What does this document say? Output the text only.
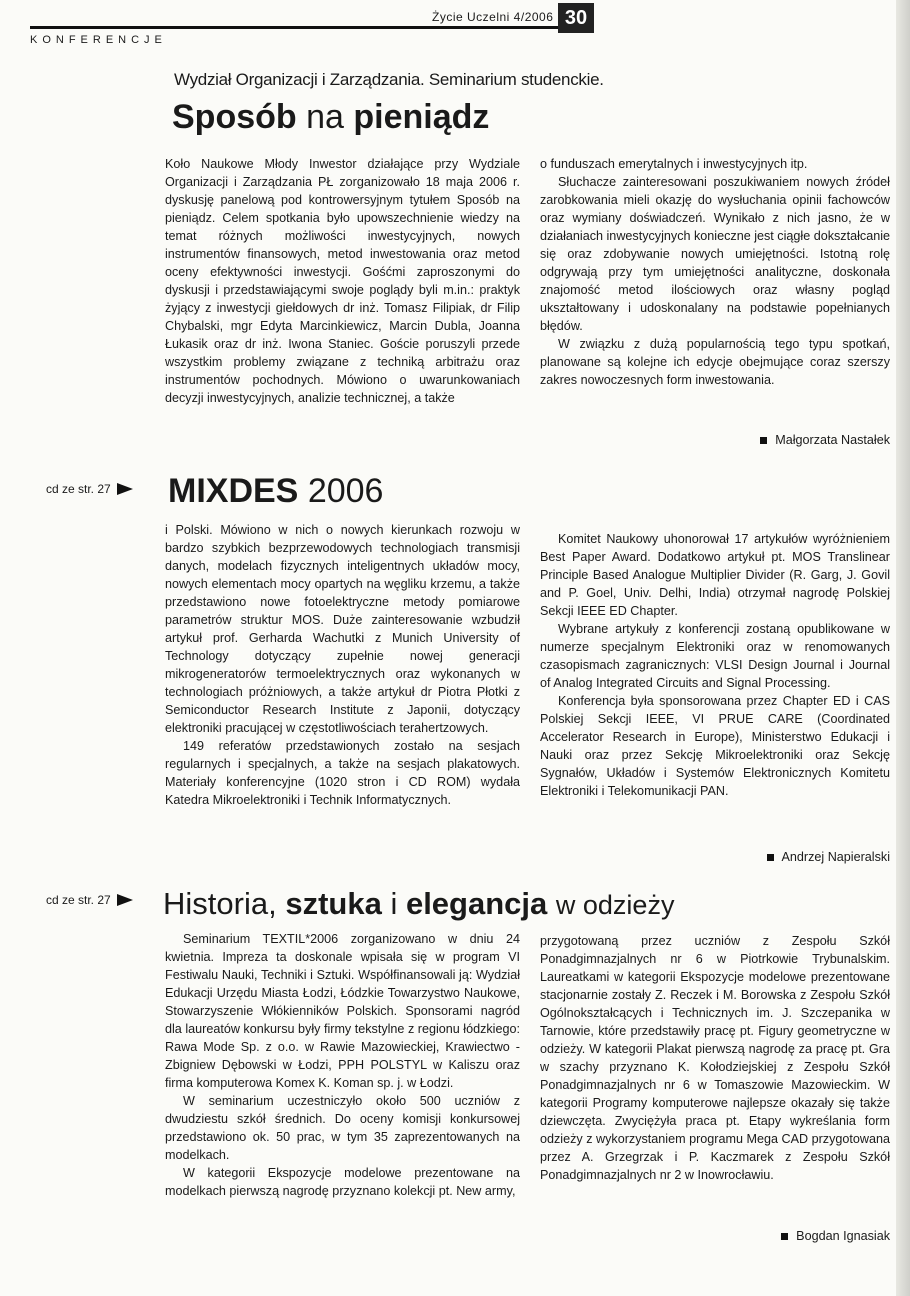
KONFERENCJE
Życie Uczelni 4/2006 30
Wydział Organizacji i Zarządzania. Seminarium studenckie.
Sposób na pieniądz

Koło Naukowe Młody Inwestor działające przy Wydziale Organizacji i Zarządzania PŁ zorganizowało 18 maja 2006 r. dyskusję panelową pod kontrowersyjnym tytułem Sposób na pieniądz. Celem spotkania było upowszechnienie wiedzy na temat różnych możliwości inwestycyjnych, nowych instrumentów finansowych, metod inwestowania oraz metod oceny efektywności inwestycji. Gośćmi zaproszonymi do dyskusji i przedstawiającymi swoje poglądy byli m.in.: praktyk żyjący z inwestycji giełdowych dr inż. Tomasz Filipiak, dr Filip Chybalski, mgr Edyta Marcinkiewicz, Marcin Dubla, Joanna Łukasik oraz dr inż. Iwona Staniec. Goście poruszyli przede wszystkim problemy związane z techniką arbitrażu oraz instrumentów pochodnych. Mówiono o uwarunkowaniach decyzji inwestycyjnych, analizie technicznej, a także

o funduszach emerytalnych i inwestycyjnych itp.

Słuchacze zainteresowani poszukiwaniem nowych źródeł zarobkowania mieli okazję do wysłuchania opinii fachowców oraz wymiany doświadczeń. Wynikało z nich jasno, że w działaniach inwestycyjnych konieczne jest ciągłe dokształcanie się oraz zdobywanie nowych umiejętności. Istotną rolę odgrywają przy tym umiejętności analityczne, doskonała znajomość metod ilościowych oraz własny pogląd ukształtowany i udoskonalany na podstawie popełnianych błędów.

W związku z dużą popularnością tego typu spotkań, planowane są kolejne ich edycje obejmujące coraz szerszy zakres nowoczesnych form inwestowania.

Małgorzata Nastałek
cd ze str. 27 MIXDES 2006

i Polski. Mówiono w nich o nowych kierunkach rozwoju w bardzo szybkich bezprzewodowych technologiach transmisji danych, modelach fizycznych inteligentnych układów mocy, nowych elementach mocy opartych na węgliku krzemu, a także przedstawiono nowe fotoelektryczne metody pomiarowe parametrów struktur MOS. Duże zainteresowanie wzbudził artykuł prof. Gerharda Wachutki z Munich University of Technology dotyczący zupełnie nowej generacji mikrogeneratorów termoelektrycznych oraz wykonanych w technologiach próżniowych, a także artykuł dr Piotra Płotki z Semiconductor Research Institute z Japonii, dotyczący elektroniki pracującej w częstotliwościach terahertzowych.

149 referatów przedstawionych zostało na sesjach regularnych i specjalnych, a także na sesjach plakatowych. Materiały konferencyjne (1020 stron i CD ROM) wydała Katedra Mikroelektroniki i Technik Informatycznych.

Komitet Naukowy uhonorował 17 artykułów wyróżnieniem Best Paper Award. Dodatkowo artykuł pt. MOS Translinear Principle Based Analogue Multiplier Divider (R. Garg, J. Govil and P. Goel, Univ. Delhi, India) otrzymał nagrodę Polskiej Sekcji IEEE ED Chapter.

Wybrane artykuły z konferencji zostaną opublikowane w numerze specjalnym Elektroniki oraz w renomowanych czasopismach zagranicznych: VLSI Design Journal i Journal of Analog Integrated Circuits and Signal Processing.

Konferencja była sponsorowana przez Chapter ED i CAS Polskiej Sekcji IEEE, VI PRUE CARE (Coordinated Accelerator Research in Europe), Ministerstwo Edukacji i Nauki oraz przez Sekcję Mikroelektroniki oraz Sekcję Sygnałów, Układów i Systemów Elektronicznych Komitetu Elektroniki i Telekomunikacji PAN.

Andrzej Napieralski
cd ze str. 27 Historia, sztuka i elegancja w odzieży

Seminarium TEXTIL*2006 zorganizowano w dniu 24 kwietnia. Impreza ta doskonale wpisała się w program VI Festiwalu Nauki, Techniki i Sztuki. Współfinansowali ją: Wydział Edukacji Urzędu Miasta Łodzi, Łódzkie Towarzystwo Naukowe, Stowarzyszenie Włókienników Polskich. Sponsorami nagród dla laureatów konkursu były firmy tekstylne z regionu łódzkiego: Rawa Mode Sp. z o.o. w Rawie Mazowieckiej, Krawiectwo - Zbigniew Dębowski w Łodzi, PPH POLSTYL w Kaliszu oraz firma komputerowa Komex K. Koman sp. j. w Łodzi.

W seminarium uczestniczyło około 500 uczniów z dwudziestu szkół średnich. Do oceny komisji konkursowej przedstawiono ok. 50 prac, w tym 35 zaprezentowanych na modelkach.

W kategorii Ekspozycje modelowe prezentowane na modelkach pierwszą nagrodę przyznano kolekcji pt. New army,

przygotowaną przez uczniów z Zespołu Szkół Ponadgimnazjalnych nr 6 w Piotrkowie Trybunalskim. Laureatkami w kategorii Ekspozycje modelowe prezentowane stacjonarnie zostały Z. Reczek i M. Borowska z Zespołu Szkół Ogólnokształcących i Technicznych im. J. Szczepanika w Tarnowie, które przedstawiły pracę pt. Figury geometryczne w odzieży. W kategorii Plakat pierwszą nagrodę za pracę pt. Gra w szachy przyznano K. Kołodziejskiej z Zespołu Szkół Ponadgimnazjalnych nr 6 w Tomaszowie Mazowieckim. W kategorii Programy komputerowe najlepsze okazały się także dziewczęta. Zwyciężyła praca pt. Etapy wykreślania form odzieży z wykorzystaniem programu Mega CAD przygotowana przez A. Grzegrzak i P. Kaczmarek z Zespołu Szkół Ponadgimnazjalnych nr 2 w Inowrocławiu.

Bogdan Ignasiak
